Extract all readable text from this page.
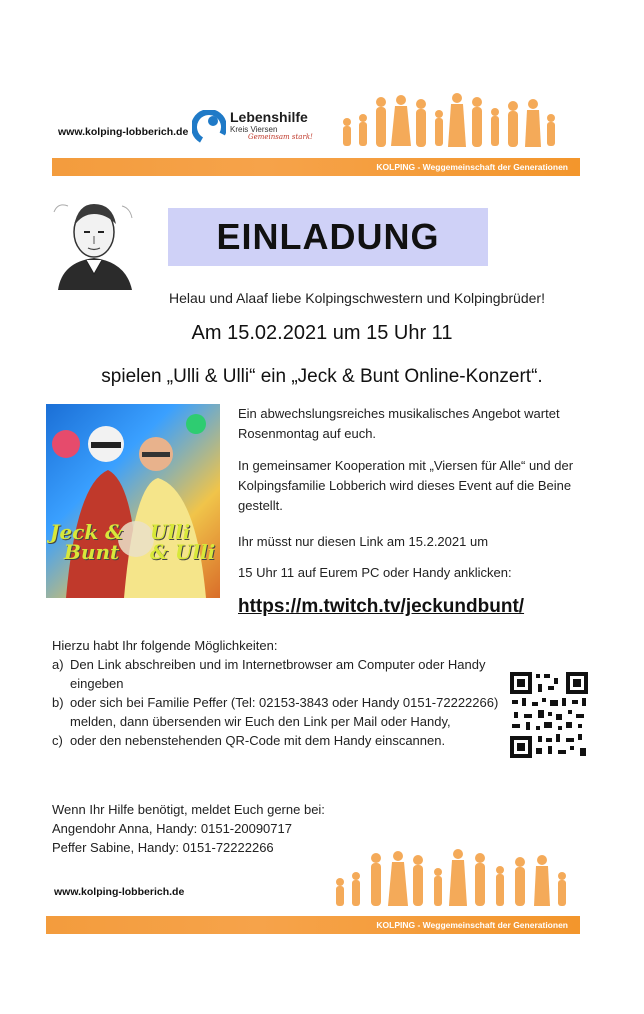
www.kolping-lobberich.de
Lebenshilfe
Kreis Viersen
Gemeinsam stark!
KOLPING - Weggemeinschaft der Generationen
EINLADUNG
Helau und Alaaf liebe Kolpingschwestern und Kolpingbrüder!
Am 15.02.2021 um 15 Uhr 11
spielen „Ulli & Ulli“ ein „Jeck & Bunt Online-Konzert“.
Jeck &
Bunt
Ulli
& Ulli
Ein abwechslungsreiches musikalisches Angebot wartet Rosenmontag auf euch.
In gemeinsamer Kooperation mit „Viersen für Alle“ und der Kolpingsfamilie Lobberich wird dieses Event auf die Beine gestellt.
Ihr müsst nur diesen Link am 15.2.2021 um
15 Uhr 11 auf Eurem PC oder Handy anklicken:
https://m.twitch.tv/jeckundbunt/
Hierzu habt Ihr folgende Möglichkeiten:
a) Den Link abschreiben und im Internetbrowser am Computer oder Handy eingeben
b) oder sich bei Familie Peffer (Tel: 02153-3843 oder Handy 0151-72222266) melden, dann übersenden wir Euch den Link per Mail oder Handy,
c) oder den nebenstehenden QR-Code mit dem Handy einscannen.
Wenn Ihr Hilfe benötigt, meldet Euch gerne bei:
Angendohr Anna, Handy: 0151-20090717
Peffer Sabine, Handy: 0151-72222266
www.kolping-lobberich.de
KOLPING - Weggemeinschaft der Generationen
